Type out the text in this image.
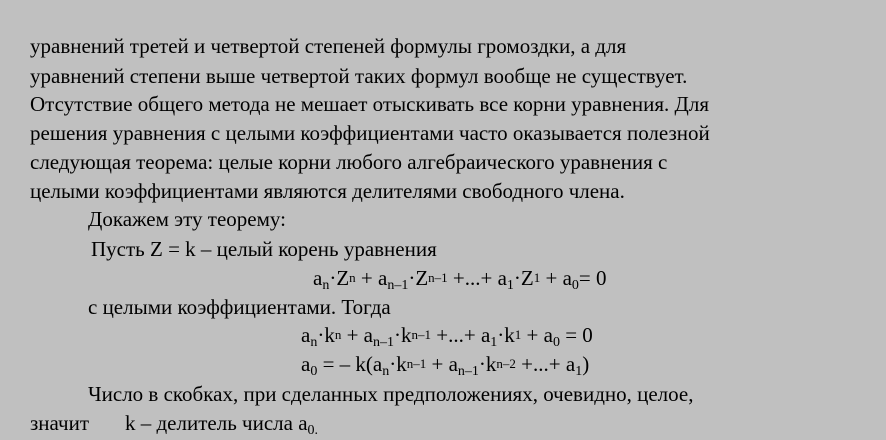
уравнений третей и четвертой степеней формулы громоздки, а для
уравнений степени выше четвертой таких формул вообще не существует.
Отсутствие общего метода не мешает отыскивать все корни уравнения. Для
решения уравнения с целыми коэффициентами часто оказывается полезной
следующая теорема: целые корни любого алгебраического уравнения с
целыми коэффициентами являются делителями свободного члена.
Докажем эту теорему:
Пусть Z = k – целый корень уравнения
$a_n\cdot Z^n + a_{n-1}\cdot Z^{n-1}$ +...+ $a_1\cdot Z^1 + a_0= 0$
с целыми коэффициентами. Тогда
$a_n\cdot k^n + a_{n-1}\cdot k^{n-1}$ +...+ $a_1\cdot k^1 + a_0 = 0$
$a_0$ = – $k(a_n\cdot k^{n-1} + a_{n-1}\cdot k^{n-2}$ +...+ $a_1$)
Число в скобках, при сделанных предположениях, очевидно, целое,
значит k – делитель числа $a_{0.}$
